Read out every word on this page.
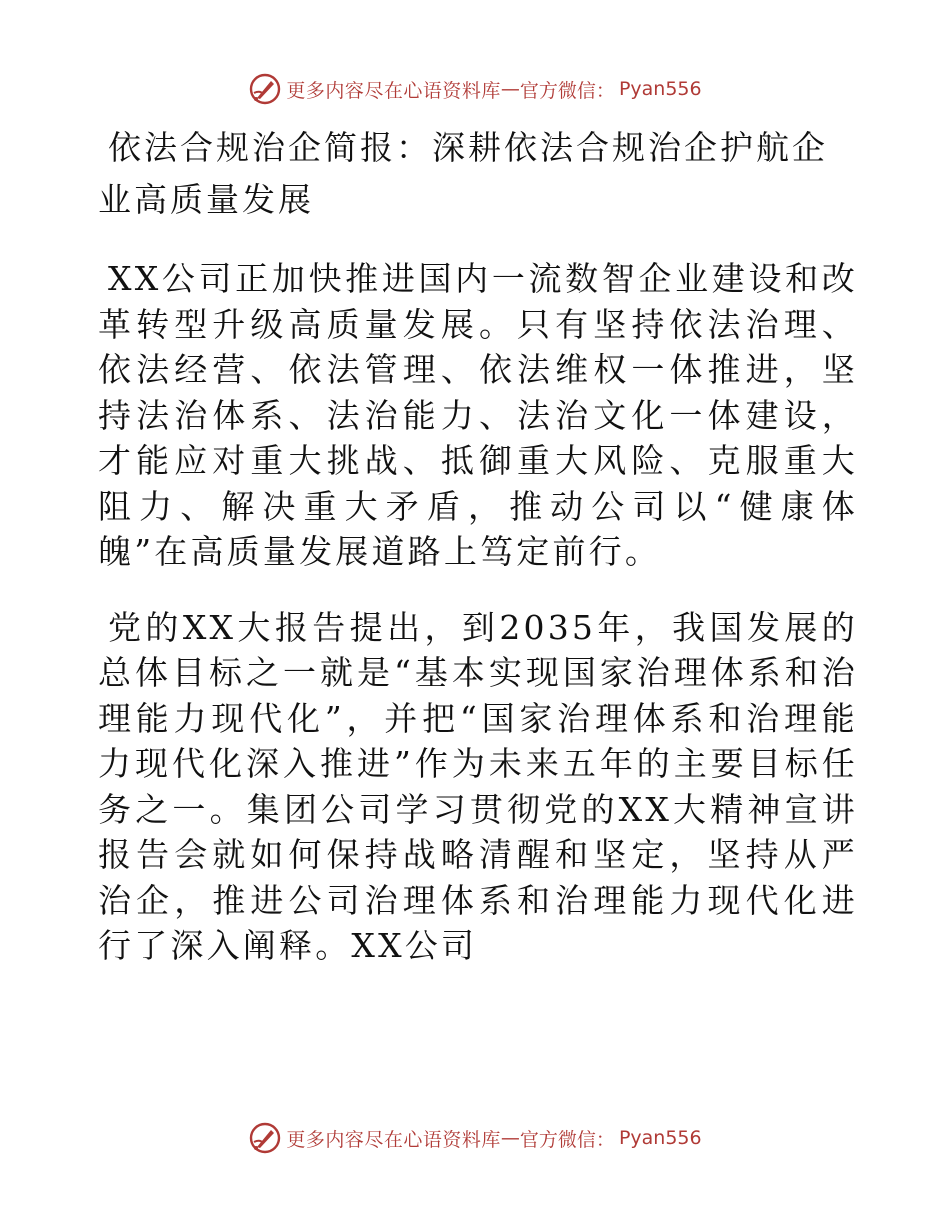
更多内容尽在心语资料库 — 官方微信： Pyan556
依法合规治企简报：深耕依法合规治企护航企业高质量发展

XX公司正加快推进国内一流数智企业建设和改革转型升级高质量发展。只有坚持依法治理、依法经营、依法管理、依法维权一体推进，坚持法治体系、法治能力、法治文化一体建设，才能应对重大挑战、抵御重大风险、克服重大阻力、解决重大矛盾，推动公司以“健康体魄”在高质量发展道路上笃定前行。

党的XX大报告提出，到2035年，我国发展的总体目标之一就是“基本实现国家治理体系和治理能力现代化”，并把“国家治理体系和治理能力现代化深入推进”作为未来五年的主要目标任务之一。集团公司学习贯彻党的XX大精神宣讲报告会就如何保持战略清醒和坚定，坚持从严治企，推进公司治理体系和治理能力现代化进行了深入阐释。XX公司

更多内容尽在心语资料库 — 官方微信： Pyan556
